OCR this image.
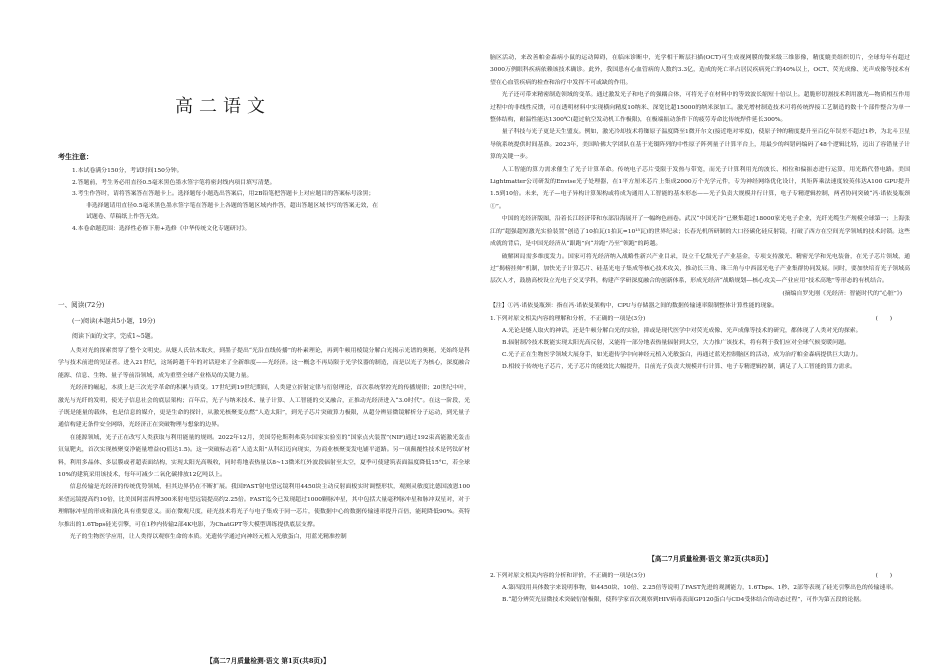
高二语文
考生注意：

1.本试卷满分150分，考试时间150分钟。

2.答题前，考生务必用直径0.5毫米黑色墨水签字笔将密封线内项目填写清楚。

3.考生作答时，请将答案答在答题卡上。选择题每小题选出答案后，用2B铅笔把答题卡上对应题目的答案标号涂黑；

非选择题请用直径0.5毫米黑色墨水签字笔在答题卡上各题的答题区域内作答，超出答题区域书写的答案无效，在

试题卷、草稿纸上作答无效。

4.本卷命题范围：选择性必修下册+选修《中华传统文化专题研讨》。

一、阅读(72分)
(一)阅读(本题共5小题，19分)
阅读下面的文字，完成1~5题。

人类对光的探索贯穿了整个文明史。从燧人氏钻木取火，到墨子提出“光沿直线传播”的朴素理论，再到牛顿用棱镜分解白光揭示光谱的奥秘，光始终是科学与技术前进的见证者。进入21世纪，这场跨越千年的对话迎来了全新维度——光经济。这一概念不再局限于光学仪器的制造，而是以光子为核心，深度融合能源、信息、生物、量子等前沿领域，成为重塑全球产业格局的关键力量。

光经济的崛起，本质上是三次光学革命的积累与质变。17世纪到19世纪期间，人类建立折射定律与衍射理论，首次系统掌控光的传播规律；20世纪中叶，激光与光纤的发明，使光子信息社会的底层架构；百年后，光子与纳米技术、量子计算、人工智能的交叉融合，正推动光经济进入“3.0时代”。在这一阶段，光子既是能量的载体，也是信息的媒介，更是生命的探针，从激光核聚变点燃“人造太阳”，到光子芯片突破算力极限，从超分辨显微镜解析分子运动，到光量子通信构建无条件安全网络，光经济正在突破物理与想象的边界。

在能源领域，光子正在改写人类获取与利用能量的规则。2022年12月，美国劳伦斯利弗莫尔国家实验室的“国家点火装置”(NIF)通过192束高能激光轰击氘氚靶丸，首次实现核聚变净能量增益(Q值达1.5)。这一突破标志着“人造太阳”从科幻迈向现实，为商业核聚变发电铺平道路。另一项颠覆性技术是钙钛矿材料，利用多晶体、多层膜或者超表面结构，实现太阳光高吸收，同时将地表热量以8~13微米红外波段辐射至太空，夏季可使建筑表面温度降低15°C，若全球10%的建筑采用该技术，每年可减少二氧化碳排放12亿吨以上。

信息传输是光经济的传统优势领域，但其边界仍在不断扩展。我国FAST射电望远镜利用4450块主动反射面板实时调整形状，观测灵敏度比德国波恩100米望远镜提高约10倍，比美国阿雷西博300米射电望远镜提高约2.25倍。FAST迄今已发现超过1000颗脉冲星，其中包括大量毫秒脉冲星和脉冲双星对，对于理解脉冲星的形成和演化具有重要意义。而在微观尺度，硅光技术将光子与电子集成于同一芯片，使数据中心的数据传输速率提升百倍，能耗降低90%。英特尔推出的1.6Tbps硅光引擎，可在1秒内传输2部4K电影，为ChatGPT等大模型训练提供底层支撑。

光子的生物医学应用，让人类得以观察生命的本质。光遗传学通过向神经元植入光敏蛋白，用蓝光精准控制

【高二7月质量检测·语文 第1页(共8页)】

脑区活动，来改善帕金森病小鼠的运动障碍，在临床诊断中，光学相干断层扫描(OCT)可生成视网膜的微米级三维影像，精度媲美组织切片，全球每年有超过3000万例眼科疾病依赖该技术确诊。此外，我国患有心血管病的人数约3.3亿，造成的死亡率占居民疾病死亡的40%以上，OCT、荧光成像、光声成像等技术有望在心血管疾病的检查和治疗中发挥不可或缺的作用。

光子还可带来精密制造领域的变革。通过激发光子和电子的强耦合体，可将光子在材料中的等效波长缩短十倍以上。超脆形切割技术利用激光—物质相互作用过程中的非线性反馈，可在透明材料中实现横向精度10纳米、深宽比超15000的纳米深加工。激光增材制造技术可将传统焊接工艺制造的数十个部件整合为单一整体结构，耐温性能达1300℃(超过航空发动机工作极限)，在极端振动条件下的疲劳寿命比传统焊件延长300%。

量子科技与光子更是天生盟友。例如，激光冷却技术将铷原子温度降至1微开尔文(接近绝对零度)，使原子钟的精度提升至百亿年误差不超过1秒，为北斗卫星导航系统提供时间基准。2023年，美国哈佛大学团队在基于光镊阵列的中性原子阵列量子计算平台上，用最少的纠错码编码了48个逻辑比特，迈出了容错量子计算的关键一步。

人工智能的算力需求催生了光子计算革命。传统电子芯片受限于发热与带宽，而光子计算利用光的波长、相位和偏振态进行运算，用光路代替电路。美国Lightmatter公司研发的Envise光子处理器，在1平方厘米芯片上集成2000万个光学元件，专为神经网络优化设计，其矩阵乘法速度较英伟达A100 GPU提升1.5到10倍。未来，光子—电子异构计算架构或将成为通用人工智能的基本形态——光子负责大规模并行计算，电子专精逻辑控制，两者协同突破“冯·诺依曼瓶颈①”。

中国的光经济版图，沿着长江经济带和东部沿海展开了一幅绚色画卷。武汉“中国光谷”已聚集超过18000家光电子企业，光纤光缆生产规模全球第一；上海张江的“超强超短激光实验装置”创造了10拍瓦(1拍瓦=10¹⁵瓦)的世界纪录；长春光机所研制的大口径碳化硅反射镜，打破了西方在空间光学领域的技术封锁。这些成就的背后，是中国光经济从“跟跑”向“并跑”乃至“领跑”的跨越。

破解困局需多维度发力。国家可将光经济纳入战略性新兴产业目录，设立千亿级光子产业基金，专项支持激光、精密光学和光电装备，在光子芯片领域，通过“揭榜挂帅”机制，加快光子计算芯片、硅基光电子集成等核心技术攻关，推动长三角、珠三角与中西部光电子产业集群协同发展。同时，要加快培育光子领域高层次人才，鼓励高校设立光电子交叉学科，构建产学研深度融合的创新体系，形成光经济“战略规划—核心攻关—产业应用”技术高地”等形态的有机结合。

(摘编自罗先刚《光经济：智能时代的“心脏”》)

【注】①冯·诺依曼瓶颈：指在冯·诺依曼架构中，CPU与存储器之间的数据传输速率限制整体计算性能的现象。

(　　)
1.下列对原文相关内容的理解和分析，不正确的一项是(3分)

A.光论是燧人取火的神话，还是牛顿分解白光的实验，抑或是现代医学中对荧光成像、光声成像等技术的研究，都体现了人类对光的探索。

B.辐射制冷技术既能实现太阳光高反射，又能将一部分地表热量辐射到太空，大力推广该技术，将有利于我们应对全球气候变暖问题。

C.光子正在生物医学领域大展身手，如光遗传学中向神经元植入光敏蛋白，再通过蓝光控制脑区的活动，成为治疗帕金森病提供巨大助力。

D.相较于传统电子芯片，光子芯片的能效比大幅提升，目前光子负责大规模并行计算、电子专精逻辑控制，满足了人工智能的算力需求。

【高二7月质量检测·语文 第2页(共8页)】

(　　)
2.下列对原文相关内容的分析和评价，不正确的一项是(3分)

A.第四段用具体数字来说明事物，如4450块、10倍、2.25倍等说明了FAST先进的观测能力，1.6Tbps、1秒、2部等表现了硅光引擎出色的传输速率。

B.“超分辨荧光显微技术突破衍射极限，使科学家首次观察到HIV病毒表面GP120蛋白与CD4受体结合的动态过程”，可作为第五段的论据。
